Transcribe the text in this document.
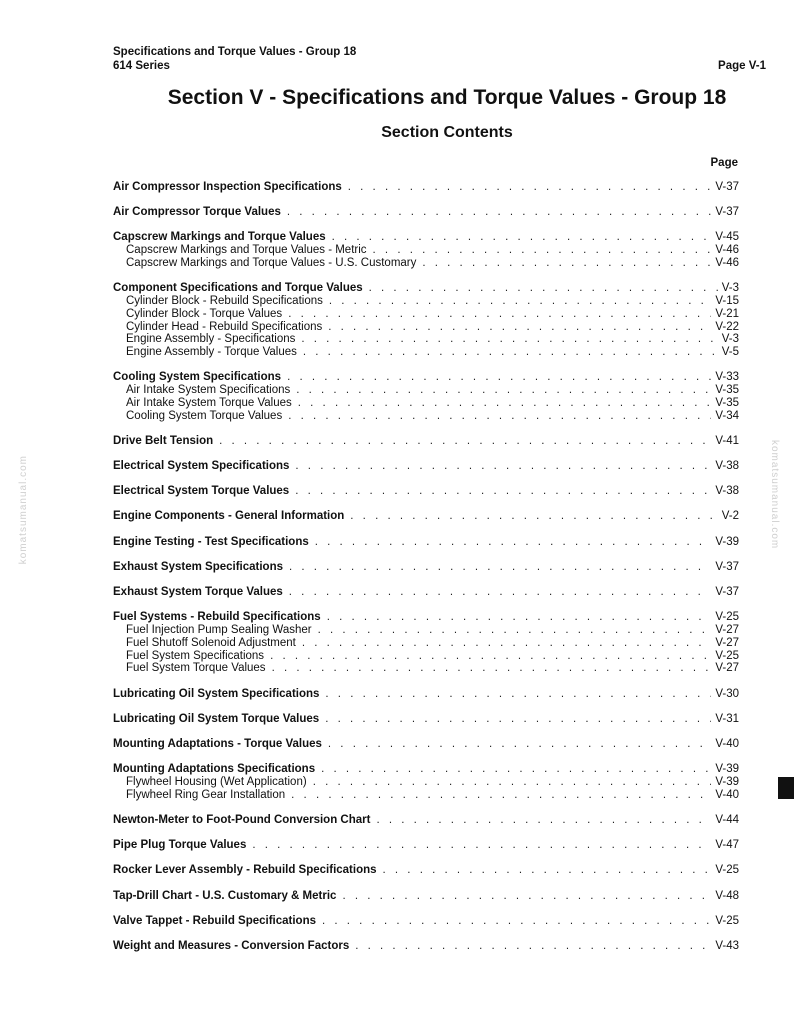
Specifications and Torque Values - Group 18
614 Series	Page V-1
Section V - Specifications and Torque Values - Group 18
Section Contents
Page
Air Compressor Inspection Specifications . . .	V-37
Air Compressor Torque Values . . .	V-37
Capscrew Markings and Torque Values . . .	V-45
Capscrew Markings and Torque Values - Metric . . .	V-46
Capscrew Markings and Torque Values - U.S. Customary . . .	V-46
Component Specifications and Torque Values . . .	V-3
Cylinder Block - Rebuild Specifications . . .	V-15
Cylinder Block - Torque Values . . .	V-21
Cylinder Head - Rebuild Specifications . . .	V-22
Engine Assembly - Specifications . . .	V-3
Engine Assembly - Torque Values . . .	V-5
Cooling System Specifications . . .	V-33
Air Intake System Specifications . . .	V-35
Air Intake System Torque Values . . .	V-35
Cooling System Torque Values . . .	V-34
Drive Belt Tension . . .	V-41
Electrical System Specifications . . .	V-38
Electrical System Torque Values . . .	V-38
Engine Components - General Information . . .	V-2
Engine Testing - Test Specifications . . .	V-39
Exhaust System Specifications . . .	V-37
Exhaust System Torque Values . . .	V-37
Fuel Systems - Rebuild Specifications . . .	V-25
Fuel Injection Pump Sealing Washer . . .	V-27
Fuel Shutoff Solenoid Adjustment . . .	V-27
Fuel System Specifications . . .	V-25
Fuel System Torque Values . . .	V-27
Lubricating Oil System Specifications . . .	V-30
Lubricating Oil System Torque Values . . .	V-31
Mounting Adaptations - Torque Values . . .	V-40
Mounting Adaptations Specifications . . .	V-39
Flywheel Housing (Wet Application) . . .	V-39
Flywheel Ring Gear Installation . . .	V-40
Newton-Meter to Foot-Pound Conversion Chart . . .	V-44
Pipe Plug Torque Values . . .	V-47
Rocker Lever Assembly - Rebuild Specifications . . .	V-25
Tap-Drill Chart - U.S. Customary & Metric . . .	V-48
Valve Tappet - Rebuild Specifications . . .	V-25
Weight and Measures - Conversion Factors . . .	V-43
komatsumanual.com	komatsumanual.com
